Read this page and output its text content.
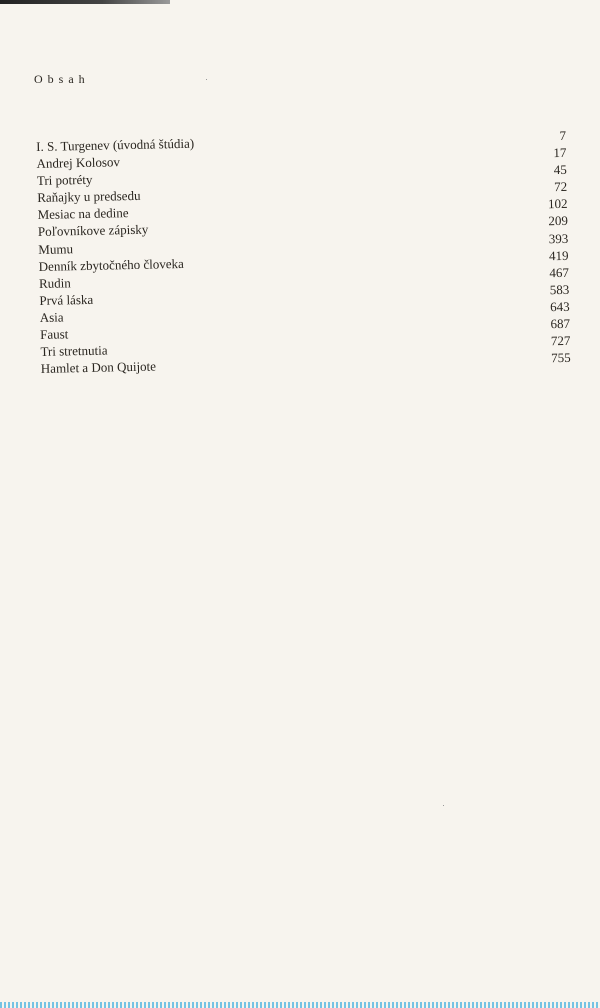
Obsah
I. S. Turgenev (úvodná štúdia)
7
Andrej Kolosov
17
Tri potréty
45
Raňajky u predsedu
72
Mesiac na dedine
102
Poľovníkove zápisky
209
Mumu
393
Denník zbytočného človeka
419
Rudin
467
Prvá láska
583
Asia
643
Faust
687
Tri stretnutia
727
Hamlet a Don Quijote
755
